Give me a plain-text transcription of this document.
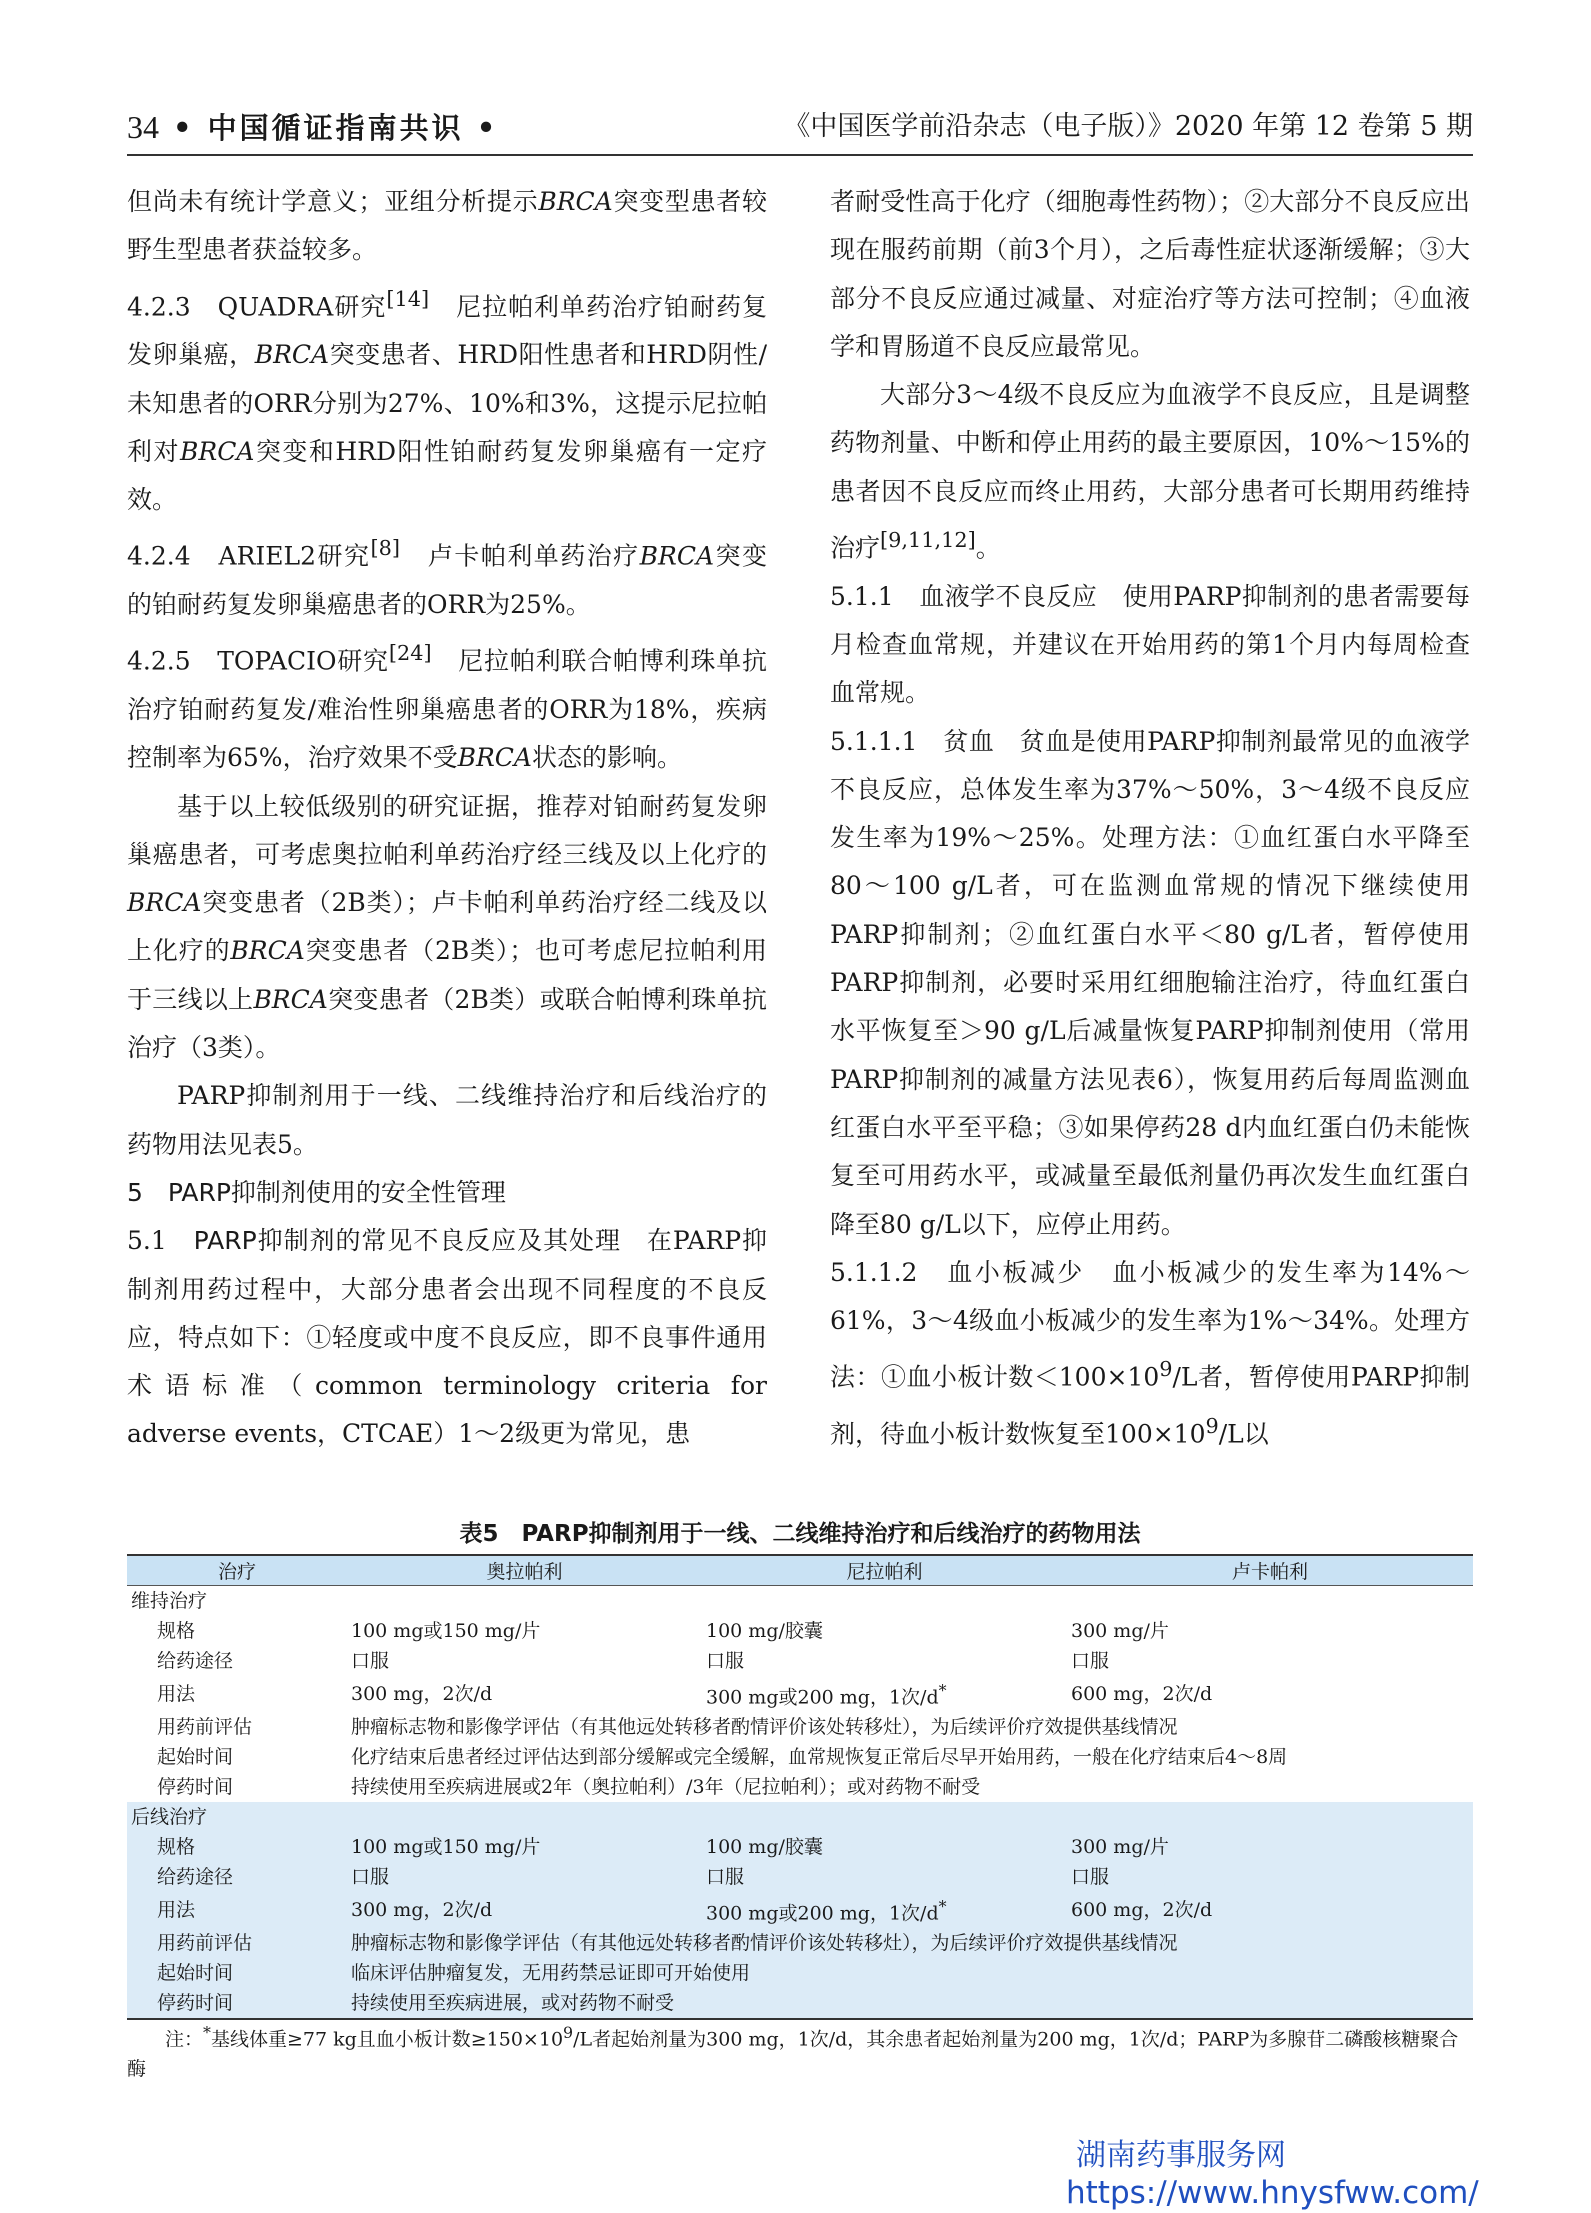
34 • 中国循证指南共识 •	《中国医学前沿杂志（电子版）》2020 年第 12 卷第 5 期

但尚未有统计学意义；亚组分析提示BRCA突变型患者较野生型患者获益较多。

4.2.3　QUADRA研究[14]　尼拉帕利单药治疗铂耐药复发卵巢癌，BRCA突变患者、HRD阳性患者和HRD阴性/未知患者的ORR分别为27%、10%和3%，这提示尼拉帕利对BRCA突变和HRD阳性铂耐药复发卵巢癌有一定疗效。

4.2.4　ARIEL2研究[8]　卢卡帕利单药治疗BRCA突变的铂耐药复发卵巢癌患者的ORR为25%。

4.2.5　TOPACIO研究[24]　尼拉帕利联合帕博利珠单抗治疗铂耐药复发/难治性卵巢癌患者的ORR为18%，疾病控制率为65%，治疗效果不受BRCA状态的影响。

基于以上较低级别的研究证据，推荐对铂耐药复发卵巢癌患者，可考虑奥拉帕利单药治疗经三线及以上化疗的BRCA突变患者（2B类）；卢卡帕利单药治疗经二线及以上化疗的BRCA突变患者（2B类）；也可考虑尼拉帕利用于三线以上BRCA突变患者（2B类）或联合帕博利珠单抗治疗（3类）。

PARP抑制剂用于一线、二线维持治疗和后线治疗的药物用法见表5。

5　PARP抑制剂使用的安全性管理

5.1　PARP抑制剂的常见不良反应及其处理　在PARP抑制剂用药过程中，大部分患者会出现不同程度的不良反应，特点如下：①轻度或中度不良反应，即不良事件通用术语标准（common terminology criteria for adverse events，CTCAE）1～2级更为常见，患

者耐受性高于化疗（细胞毒性药物）；②大部分不良反应出现在服药前期（前3个月），之后毒性症状逐渐缓解；③大部分不良反应通过减量、对症治疗等方法可控制；④血液学和胃肠道不良反应最常见。

大部分3～4级不良反应为血液学不良反应，且是调整药物剂量、中断和停止用药的最主要原因，10%～15%的患者因不良反应而终止用药，大部分患者可长期用药维持治疗[9,11,12]。

5.1.1　血液学不良反应　使用PARP抑制剂的患者需要每月检查血常规，并建议在开始用药的第1个月内每周检查血常规。

5.1.1.1　贫血　贫血是使用PARP抑制剂最常见的血液学不良反应，总体发生率为37%～50%，3～4级不良反应发生率为19%～25%。处理方法：①血红蛋白水平降至80～100 g/L者，可在监测血常规的情况下继续使用PARP抑制剂；②血红蛋白水平＜80 g/L者，暂停使用PARP抑制剂，必要时采用红细胞输注治疗，待血红蛋白水平恢复至＞90 g/L后减量恢复PARP抑制剂使用（常用PARP抑制剂的减量方法见表6），恢复用药后每周监测血红蛋白水平至平稳；③如果停药28 d内血红蛋白仍未能恢复至可用药水平，或减量至最低剂量仍再次发生血红蛋白降至80 g/L以下，应停止用药。

5.1.1.2　血小板减少　血小板减少的发生率为14%～61%，3～4级血小板减少的发生率为1%～34%。处理方法：①血小板计数$<100\times 10^9/L$者，暂停使用PARP抑制剂，待血小板计数恢复至$100\times 10^9/L$以

表5　PARP抑制剂用于一线、二线维持治疗和后线治疗的药物用法
治疗	奥拉帕利	尼拉帕利	卢卡帕利
维持治疗			
规格	100 mg或150 mg/片	100 mg/胶囊	300 mg/片
给药途径	口服	口服	口服
用法	300 mg，2次/d	300 mg或200 mg，1次/d*	600 mg，2次/d
用药前评估	肿瘤标志物和影像学评估（有其他远处转移者酌情评价该处转移灶），为后续评价疗效提供基线情况		
起始时间	化疗结束后患者经过评估达到部分缓解或完全缓解，血常规恢复正常后尽早开始用药，一般在化疗结束后4～8周		
停药时间	持续使用至疾病进展或2年（奥拉帕利）/3年（尼拉帕利）；或对药物不耐受		
后线治疗			
规格	100 mg或150 mg/片	100 mg/胶囊	300 mg/片
给药途径	口服	口服	口服
用法	300 mg，2次/d	300 mg或200 mg，1次/d*	600 mg，2次/d
用药前评估	肿瘤标志物和影像学评估（有其他远处转移者酌情评价该处转移灶），为后续评价疗效提供基线情况		
起始时间	临床评估肿瘤复发，无用药禁忌证即可开始使用		
停药时间	持续使用至疾病进展，或对药物不耐受		
注：*基线体重≥77 kg且血小板计数$\ge 150\times 10^9/L$者起始剂量为300 mg，1次/d，其余患者起始剂量为200 mg，1次/d；PARP为多腺苷二磷酸核糖聚合酶
湖南药事服务网
https://www.hnysfww.com/
